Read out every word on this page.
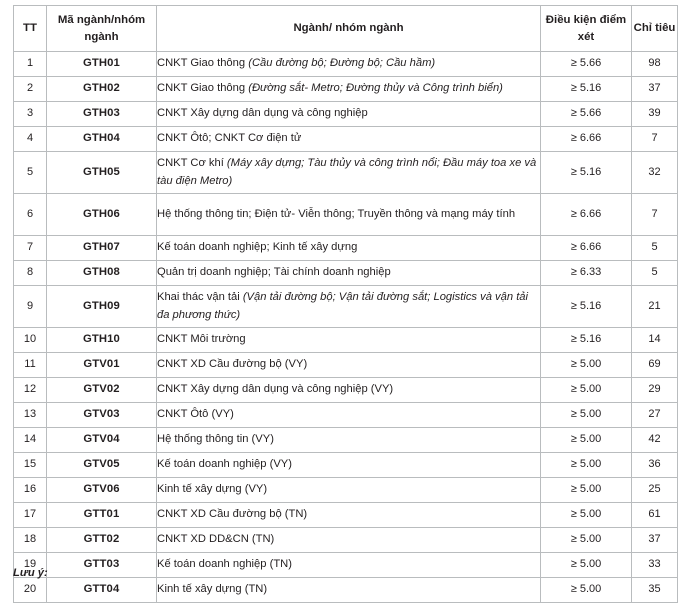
TT	Mã ngành/nhóm ngành	Ngành/ nhóm ngành	Điều kiện điểm xét	Chỉ tiêu
1	GTH01	CNKT Giao thông (Cầu đường bộ; Đường bộ; Cầu hầm)	≥ 5.66	98
2	GTH02	CNKT Giao thông (Đường sắt- Metro; Đường thủy và Công trình biển)	≥ 5.16	37
3	GTH03	CNKT Xây dựng dân dụng và công nghiệp	≥ 5.66	39
4	GTH04	CNKT Ôtô; CNKT Cơ điện tử	≥ 6.66	7
5	GTH05	CNKT Cơ khí (Máy xây dựng; Tàu thủy và công trình nổi; Đầu máy toa xe và tàu điện Metro)	≥ 5.16	32
6	GTH06	Hệ thống thông tin; Điện tử- Viễn thông; Truyền thông và mạng máy tính	≥ 6.66	7
7	GTH07	Kế toán doanh nghiệp; Kinh tế xây dựng	≥ 6.66	5
8	GTH08	Quản trị doanh nghiệp; Tài chính doanh nghiệp	≥ 6.33	5
9	GTH09	Khai thác vận tải (Vận tải đường bộ; Vận tải đường sắt; Logistics và vận tải đa phương thức)	≥ 5.16	21
10	GTH10	CNKT Môi trường	≥ 5.16	14
11	GTV01	CNKT XD Cầu đường bộ (VY)	≥ 5.00	69
12	GTV02	CNKT Xây dựng dân dụng và công nghiệp (VY)	≥ 5.00	29
13	GTV03	CNKT Ôtô (VY)	≥ 5.00	27
14	GTV04	Hệ thống thông tin (VY)	≥ 5.00	42
15	GTV05	Kế toán doanh nghiệp (VY)	≥ 5.00	36
16	GTV06	Kinh tế xây dựng (VY)	≥ 5.00	25
17	GTT01	CNKT XD Cầu đường bộ (TN)	≥ 5.00	61
18	GTT02	CNKT XD DD&CN (TN)	≥ 5.00	37
19	GTT03	Kế toán doanh nghiệp (TN)	≥ 5.00	33
20	GTT04	Kinh tế xây dựng (TN)	≥ 5.00	35
Lưu ý:
